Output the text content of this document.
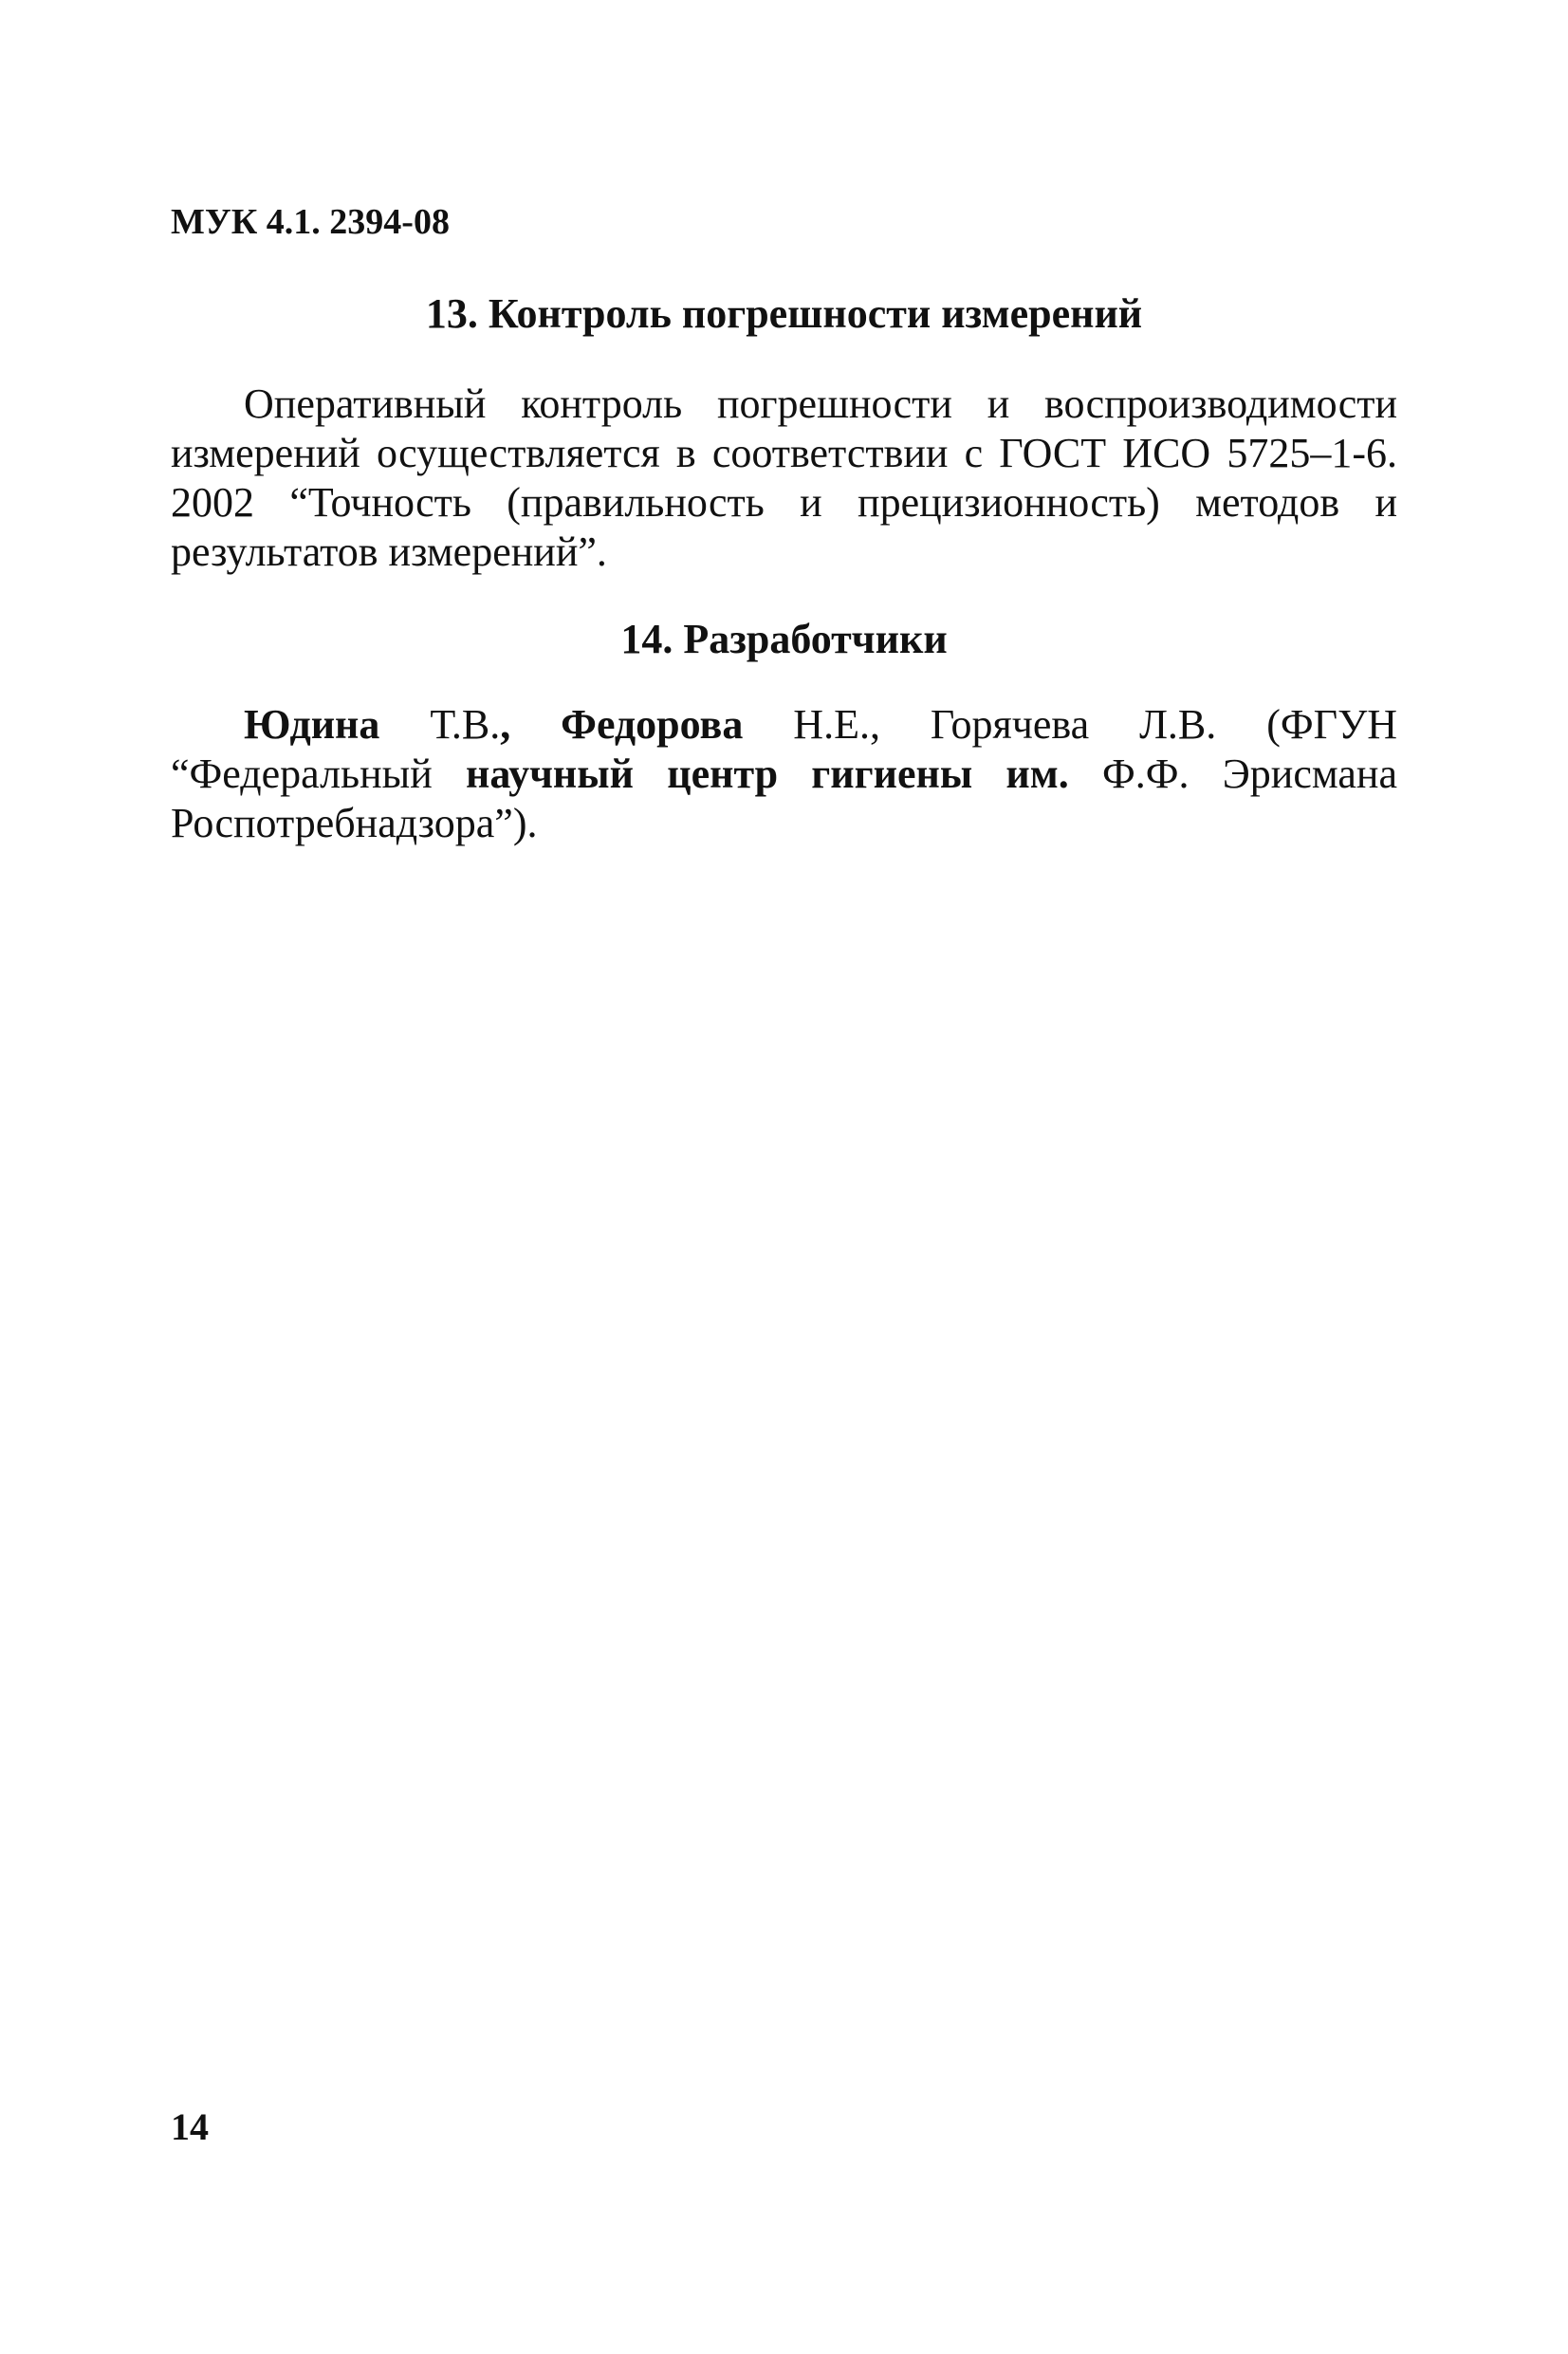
МУК 4.1. 2394-08
13. Контроль погрешности измерений
Оперативный контроль погрешности и воспроизводимости измерений осуществляется в соответствии с ГОСТ ИСО 5725–1-6. 2002 “Точность (правильность и прецизионность) методов и результатов измерений”.
14. Разработчики
Юдина Т.В., Федорова Н.Е., Горячева Л.В. (ФГУН “Федеральный научный центр гигиены им. Ф.Ф. Эрисмана Роспотребнадзора”).
14
